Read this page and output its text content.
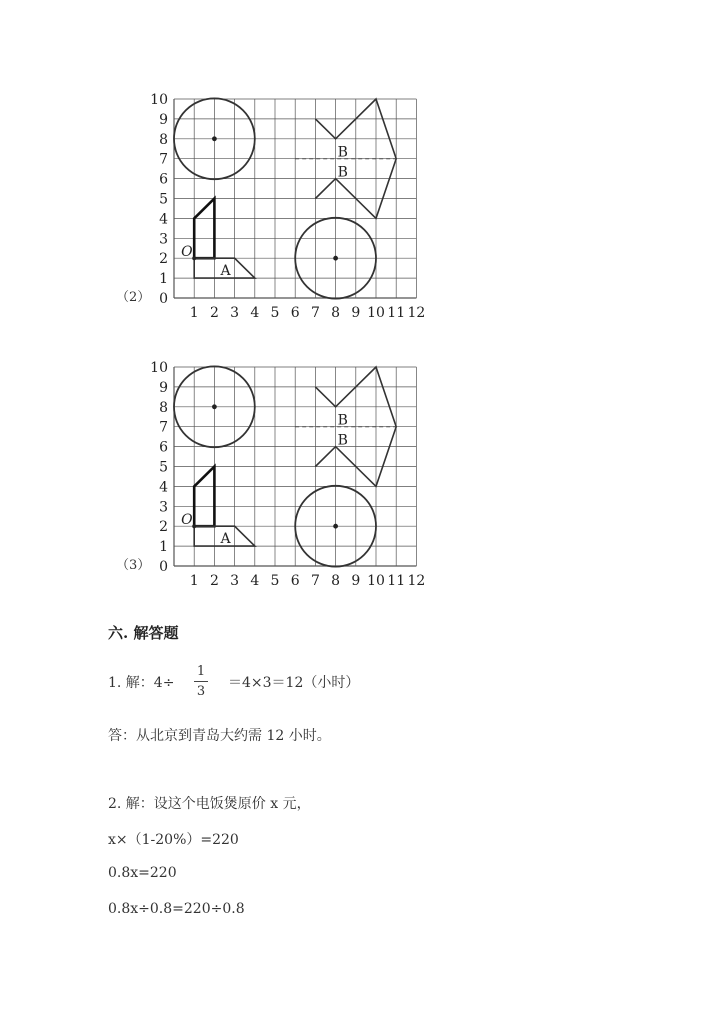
0
1
2
3
4
5
6
7
8
9
10
1 2 3 4 5 6 7 8 9 10 11 12
A
O
B
B
（2）
0
1
2
3
4
5
6
7
8
9
10
1 2 3 4 5 6 7 8 9 10 11 12
A
O
B
B
（3）
六. 解答题
1. 解：4÷
1
3
＝4×3＝12（小时）
答：从北京到青岛大约需 12 小时。
2. 解：设这个电饭煲原价 x 元，
x×（1-20%）=220
0.8x=220
0.8x÷0.8=220÷0.8
